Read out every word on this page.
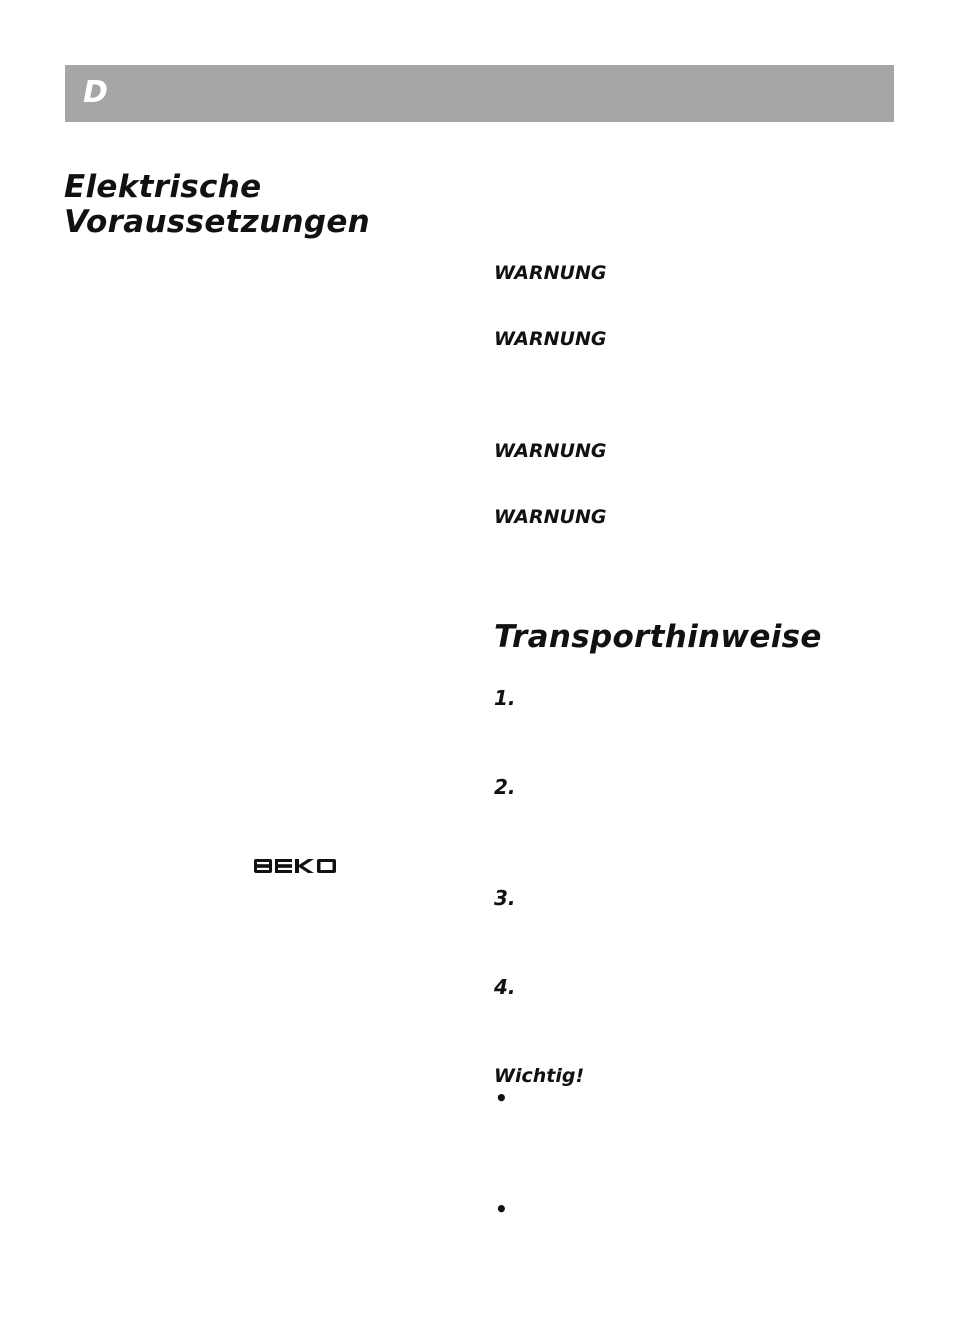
D
Elektrische
Voraussetzungen
WARNUNG
WARNUNG
WARNUNG
WARNUNG
Transporthinweise
1.
2.
3.
4.
Wichtig!
•
•
